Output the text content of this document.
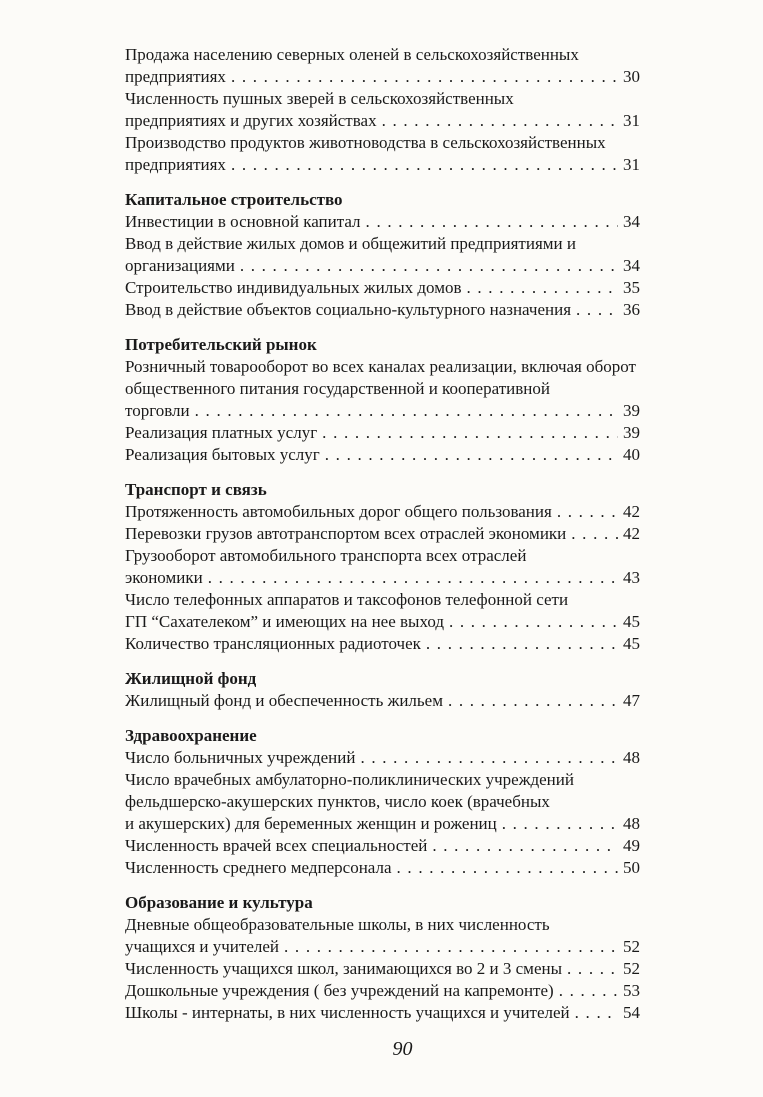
Продажа населению северных оленей в сельскохозяйственных
предприятиях . . .	30
Численность пушных зверей в сельскохозяйственных
предприятиях и других хозяйствах . . .	31
Производство продуктов животноводства в сельскохозяйственных
предприятиях . . .	31
Капитальное строительство
Инвестиции в основной капитал . . .	34
Ввод в действие жилых домов и общежитий предприятиями и
организациями . . .	34
Строительство индивидуальных жилых домов . . .	35
Ввод в действие объектов социально-культурного назначения . . .	36
Потребительский рынок
Розничный товарооборот во всех каналах реализации, включая оборот
общественного питания государственной и кооперативной
торговли . . .	39
Реализация платных услуг . . .	39
Реализация бытовых услуг . . .	40
Транспорт и связь
Протяженность автомобильных дорог общего пользования . . .	42
Перевозки грузов автотранспортом всех отраслей экономики . . .	42
Грузооборот автомобильного транспорта всех отраслей
экономики . . .	43
Число телефонных аппаратов и таксофонов телефонной сети
ГП “Сахателеком” и имеющих на нее выход . . .	45
Количество трансляционных радиоточек . . .	45
Жилищной фонд
Жилищный фонд и обеспеченность жильем . . .	47
Здравоохранение
Число больничных учреждений . . .	48
Число врачебных амбулаторно-поликлинических учреждений
фельдшерско-акушерских пунктов, число коек (врачебных
и акушерских) для беременных женщин и рожениц . . .	48
Численность врачей всех специальностей . . .	49
Численность среднего медперсонала . . .	50
Образование и культура
Дневные общеобразовательные школы, в них численность
учащихся и учителей . . .	52
Численность учащихся школ, занимающихся во 2 и 3 смены . . .	52
Дошкольные учреждения ( без учреждений на капремонте) . . .	53
Школы - интернаты, в них численность учащихся и учителей . . .	54
90
